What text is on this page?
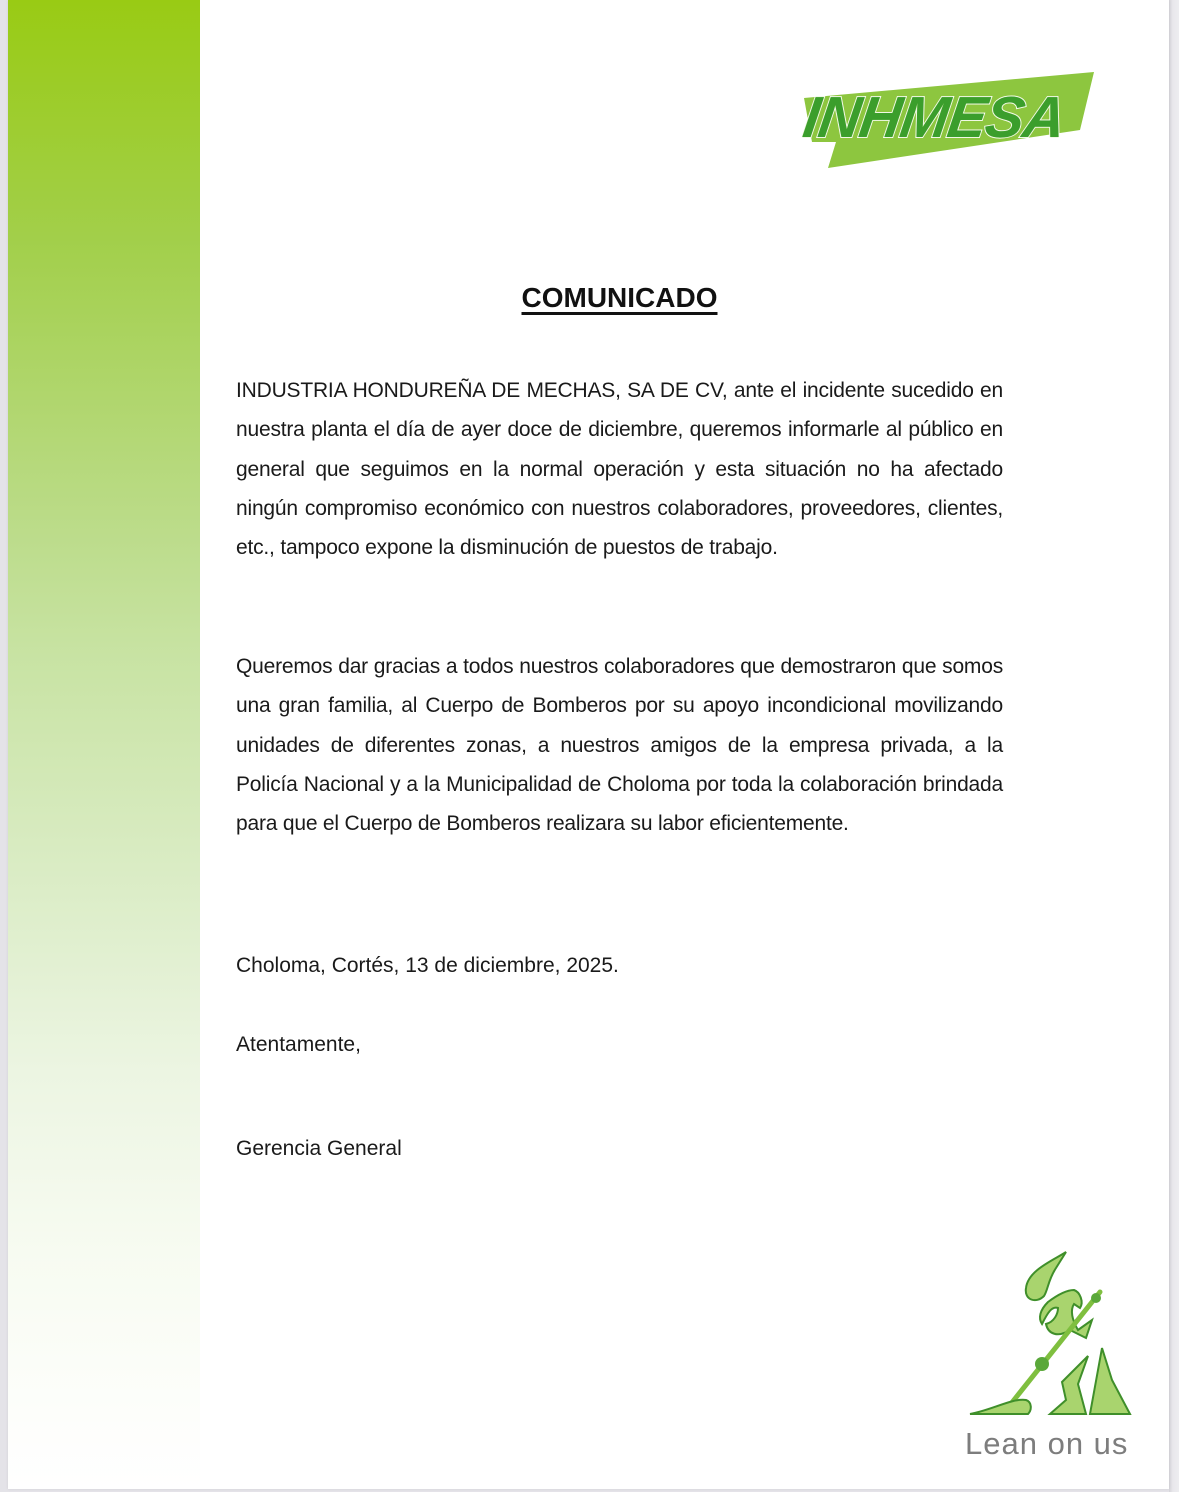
INHMESA
COMUNICADO
INDUSTRIA HONDUREÑA DE MECHAS, SA DE CV, ante el incidente sucedido en nuestra planta el día de ayer doce de diciembre, queremos informarle al público en general que seguimos en la normal operación y esta situación no ha afectado ningún compromiso económico con nuestros colaboradores, proveedores, clientes, etc., tampoco expone la disminución de puestos de trabajo.
Queremos dar gracias a todos nuestros colaboradores que demostraron que somos una gran familia, al Cuerpo de Bomberos por su apoyo incondicional movilizando unidades de diferentes zonas, a nuestros amigos de la empresa privada, a la Policía Nacional y a la Municipalidad de Choloma por toda la colaboración brindada para que el Cuerpo de Bomberos realizara su labor eficientemente.
Choloma, Cortés, 13 de diciembre, 2025.
Atentamente,
Gerencia General
Lean on us
